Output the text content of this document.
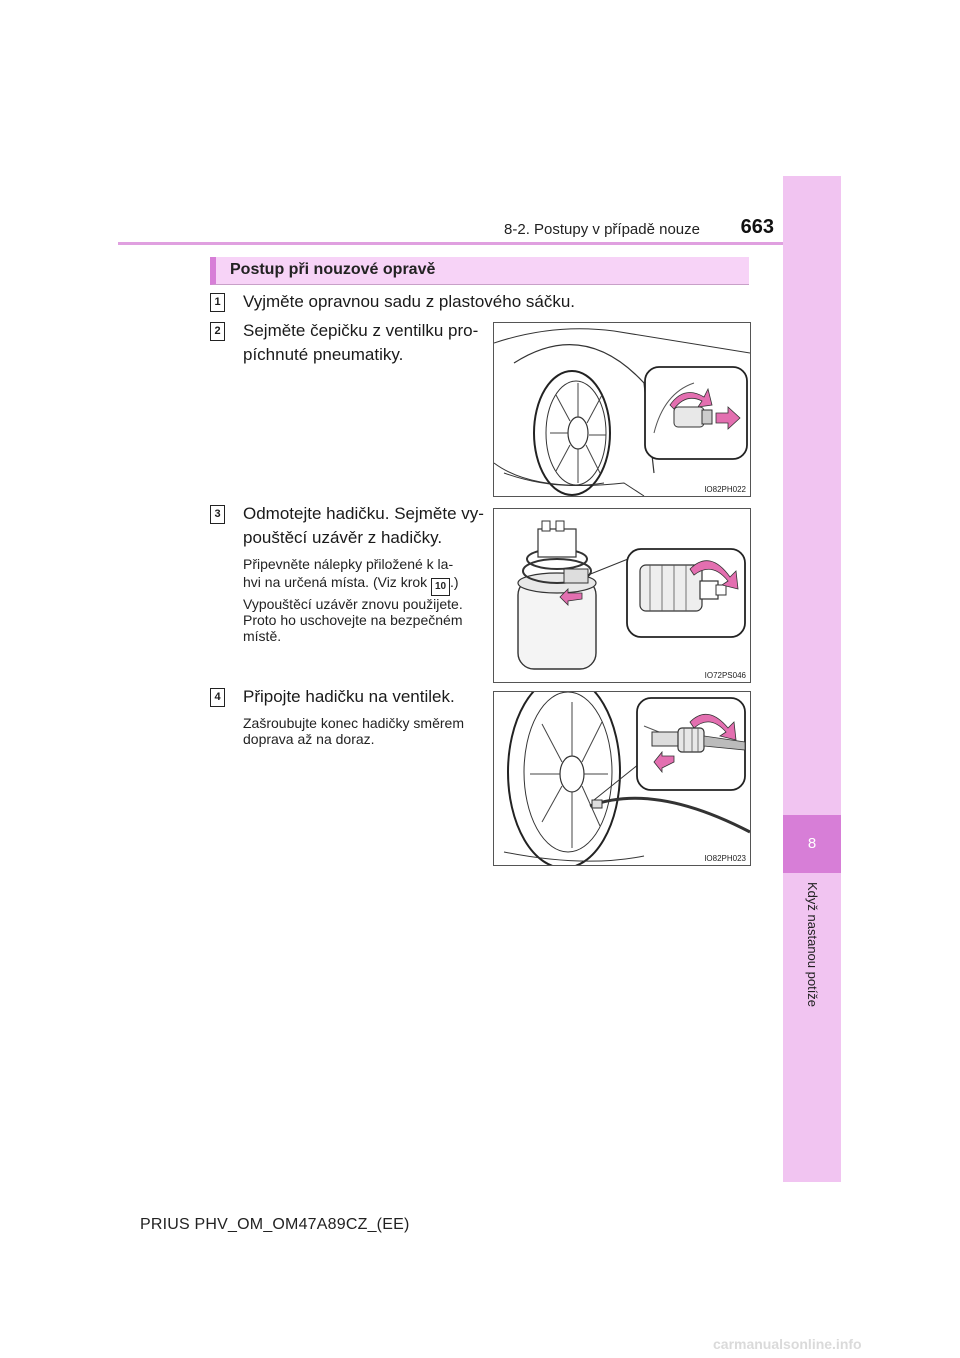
8
Když nastanou potíže
8-2. Postupy v případě nouze	663
Postup při nouzové opravě
1 Vyjměte opravnou sadu z plastového sáčku.
2 Sejměte čepičku z ventilku pro-
píchnuté pneumatiky.
IO82PH022
3 Odmotejte hadičku. Sejměte vy-
pouštěcí uzávěr z hadičky.
Připevněte nálepky přiložené k la-
hvi na určená místa. (Viz krok 10 .)
Vypouštěcí uzávěr znovu použijete.
Proto ho uschovejte na bezpečném
místě.
IO72PS046
4 Připojte hadičku na ventilek.
Zašroubujte konec hadičky směrem
doprava až na doraz.
IO82PH023
PRIUS PHV_OM_OM47A89CZ_(EE)
carmanualsonline.info
